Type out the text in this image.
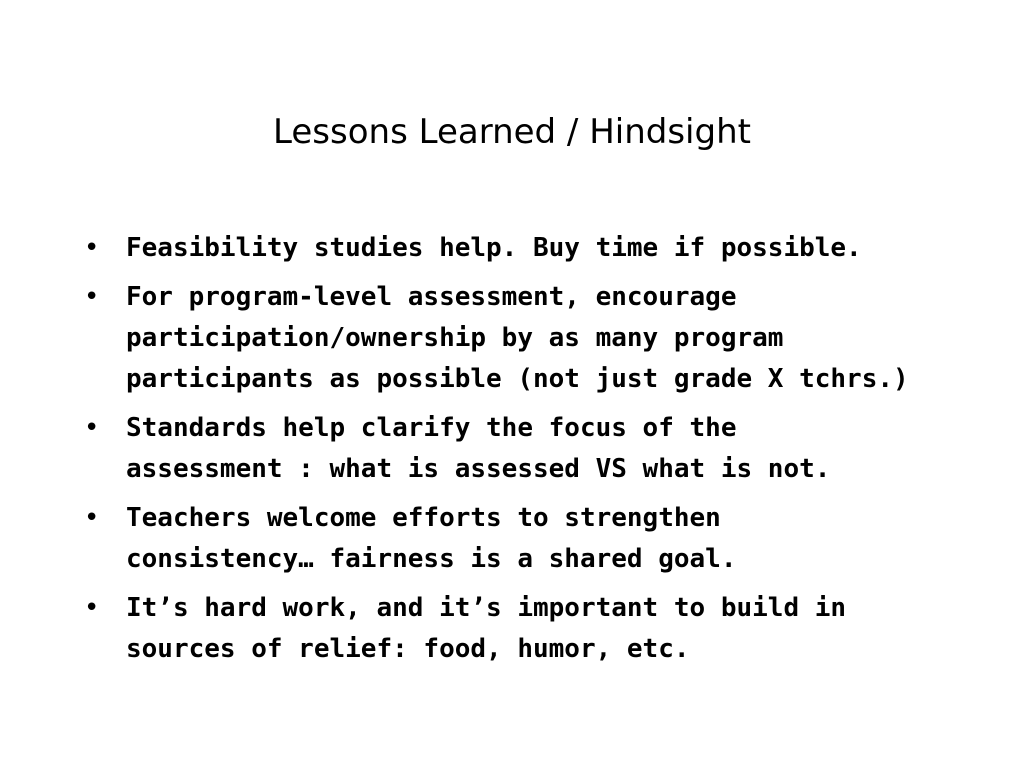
Lessons Learned / Hindsight
•	Feasibility studies help. Buy time if possible.
•	For program-level assessment, encourage
participation/ownership by as many program
participants as possible (not just grade X tchrs.)
•	Standards help clarify the focus of the
assessment : what is assessed VS what is not.
•	Teachers welcome efforts to strengthen
consistency… fairness is a shared goal.
•	It’s hard work, and it’s important to build in
sources of relief: food, humor, etc.
